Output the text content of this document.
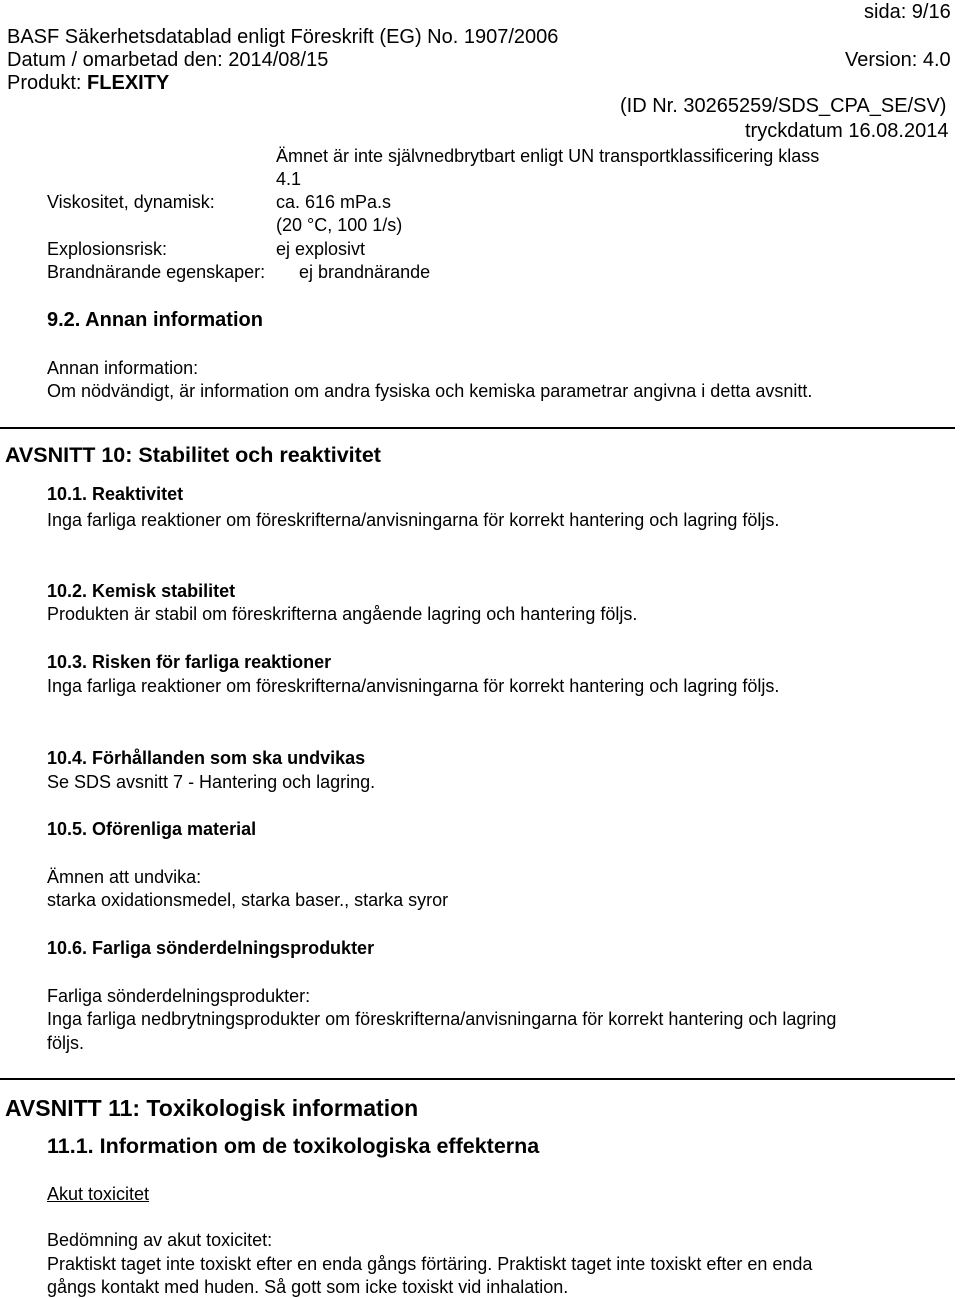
sida: 9/16
BASF Säkerhetsdatablad enligt Föreskrift (EG) No. 1907/2006
Datum / omarbetad den: 2014/08/15	Version: 4.0
Produkt: FLEXITY
(ID Nr. 30265259/SDS_CPA_SE/SV)
tryckdatum 16.08.2014
Ämnet är inte självnedbrytbart enligt UN transportklassificering klass
4.1
Viskositet, dynamisk:	ca. 616 mPa.s
(20 °C, 100 1/s)
Explosionsrisk:	ej explosivt
Brandnärande egenskaper: ej brandnärande
9.2. Annan information
Annan information:
Om nödvändigt, är information om andra fysiska och kemiska parametrar angivna i detta avsnitt.
AVSNITT 10: Stabilitet och reaktivitet
10.1. Reaktivitet
Inga farliga reaktioner om föreskrifterna/anvisningarna för korrekt hantering och lagring följs.
10.2. Kemisk stabilitet
Produkten är stabil om föreskrifterna angående lagring och hantering följs.
10.3. Risken för farliga reaktioner
Inga farliga reaktioner om föreskrifterna/anvisningarna för korrekt hantering och lagring följs.
10.4. Förhållanden som ska undvikas
Se SDS avsnitt 7 - Hantering och lagring.
10.5. Oförenliga material
Ämnen att undvika:
starka oxidationsmedel, starka baser., starka syror
10.6. Farliga sönderdelningsprodukter
Farliga sönderdelningsprodukter:
Inga farliga nedbrytningsprodukter om föreskrifterna/anvisningarna för korrekt hantering och lagring
följs.
AVSNITT 11: Toxikologisk information
11.1. Information om de toxikologiska effekterna
Akut toxicitet
Bedömning av akut toxicitet:
Praktiskt taget inte toxiskt efter en enda gångs förtäring. Praktiskt taget inte toxiskt efter en enda
gångs kontakt med huden. Så gott som icke toxiskt vid inhalation.
